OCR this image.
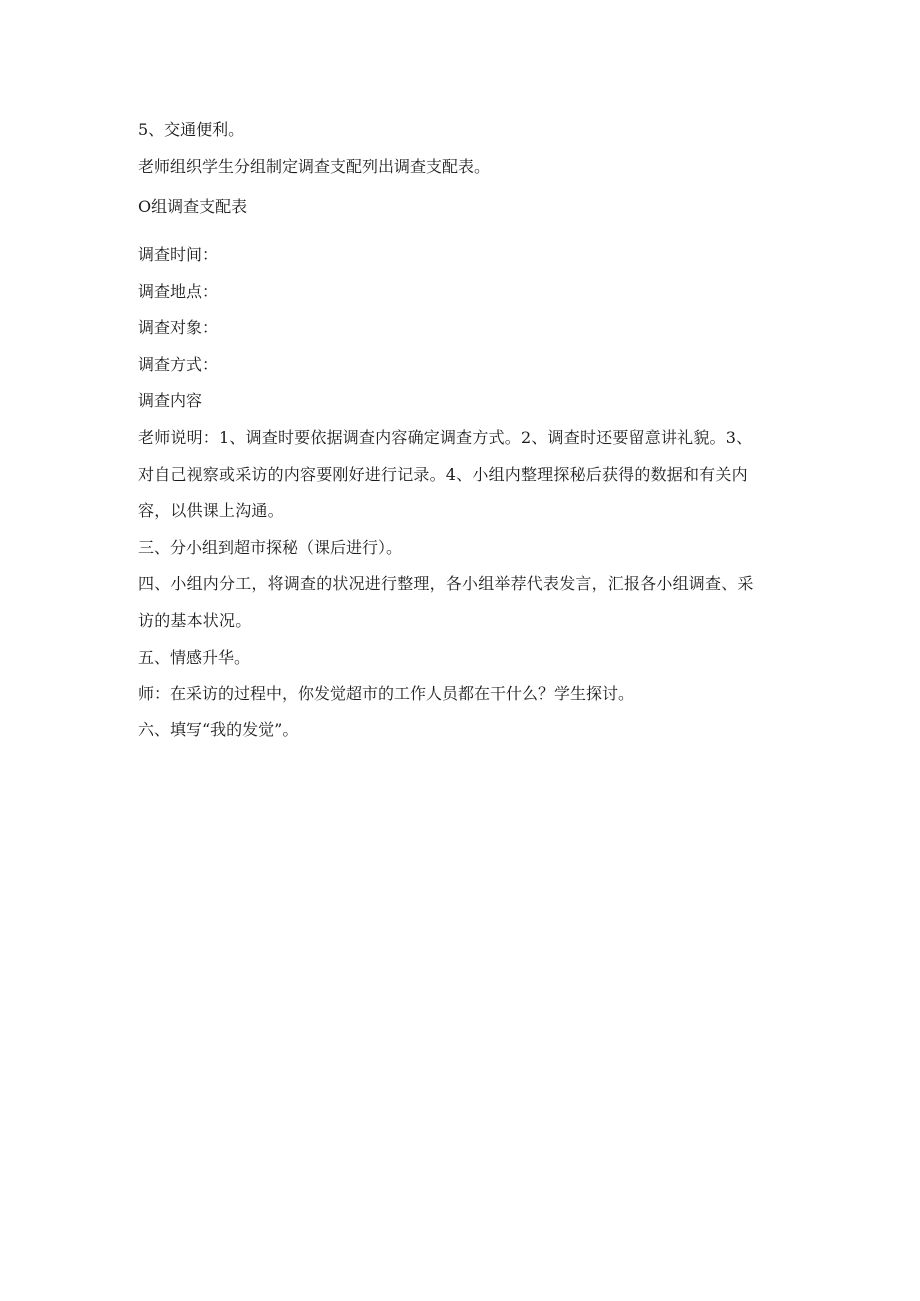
5、交通便利。
老师组织学生分组制定调查支配列出调查支配表。
O组调查支配表
调查时间：
调查地点：
调查对象：
调查方式：
调查内容
老师说明：1、调查时要依据调查内容确定调查方式。2、调查时还要留意讲礼貌。3、
对自己视察或采访的内容要刚好进行记录。4、小组内整理探秘后获得的数据和有关内
容，以供课上沟通。
三、分小组到超市探秘（课后进行）。
四、小组内分工，将调查的状况进行整理，各小组举荐代表发言，汇报各小组调查、采
访的基本状况。
五、情感升华。
师：在采访的过程中，你发觉超市的工作人员都在干什么？学生探讨。
六、填写“我的发觉”。
